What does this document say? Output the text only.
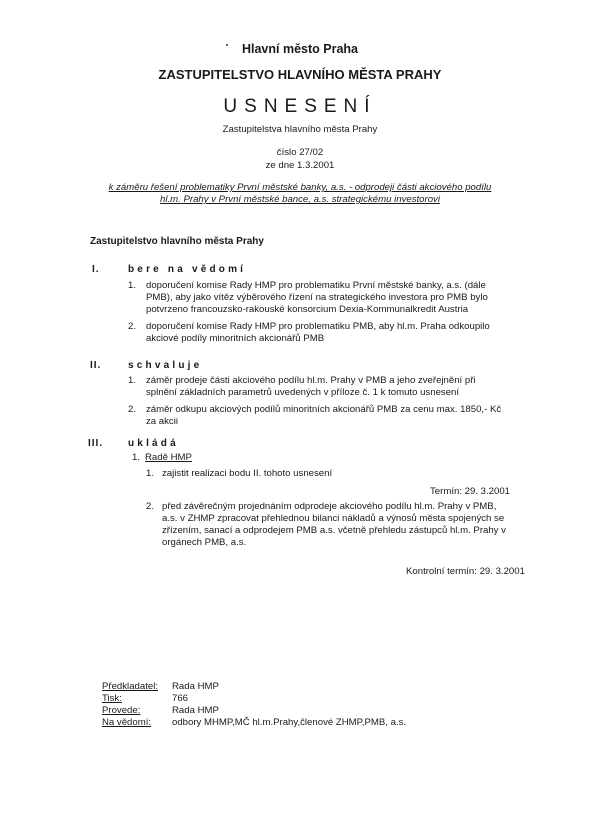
Hlavní město Praha
ZASTUPITELSTVO HLAVNÍHO MĚSTA PRAHY
USNESENÍ
Zastupitelstva hlavního města Prahy
číslo 27/02
ze dne 1.3.2001
k záměru řešení problematiky První městské banky, a.s. - odprodeji části akciového podílu
hl.m. Prahy v První městské bance, a.s. strategickému investorovi
Zastupitelstvo hlavního města Prahy
I.	bere na vědomí
1. doporučení komise Rady HMP pro problematiku První městské banky, a.s. (dále
PMB), aby jako vítěz výběrového řízení na strategického investora pro PMB bylo
potvrzeno francouzsko-rakouské konsorcium Dexia-Kommunalkredit Austria
2. doporučení komise Rady HMP pro problematiku PMB, aby hl.m. Praha odkoupilo
akciové podíly minoritních akcionářů PMB
II.	schvaluje
1. záměr prodeje části akciového podílu hl.m. Prahy v PMB a jeho zveřejnění při
splnění základních parametrů uvedených v příloze č. 1 k tomuto usnesení
2. záměr odkupu akciových podílů minoritních akcionářů PMB za cenu max. 1850,- Kč
za akcii
III. ukládá
1. Radě HMP
1. zajistit realizaci bodu II. tohoto usnesení
Termín: 29. 3.2001
2. před závěrečným projednáním odprodeje akciového podílu hl.m. Prahy v PMB,
a.s. v ZHMP zpracovat přehlednou bilanci nákladů a výnosů města spojených se
zřízením, sanací a odprodejem PMB a.s. včetně přehledu zástupců hl.m. Prahy v
orgánech PMB, a.s.
Kontrolní termín: 29. 3.2001
Předkladatel: Rada HMP
Tisk:	766
Provede:	Rada HMP
Na vědomí: odbory MHMP,MČ hl.m.Prahy,členové ZHMP,PMB, a.s.
